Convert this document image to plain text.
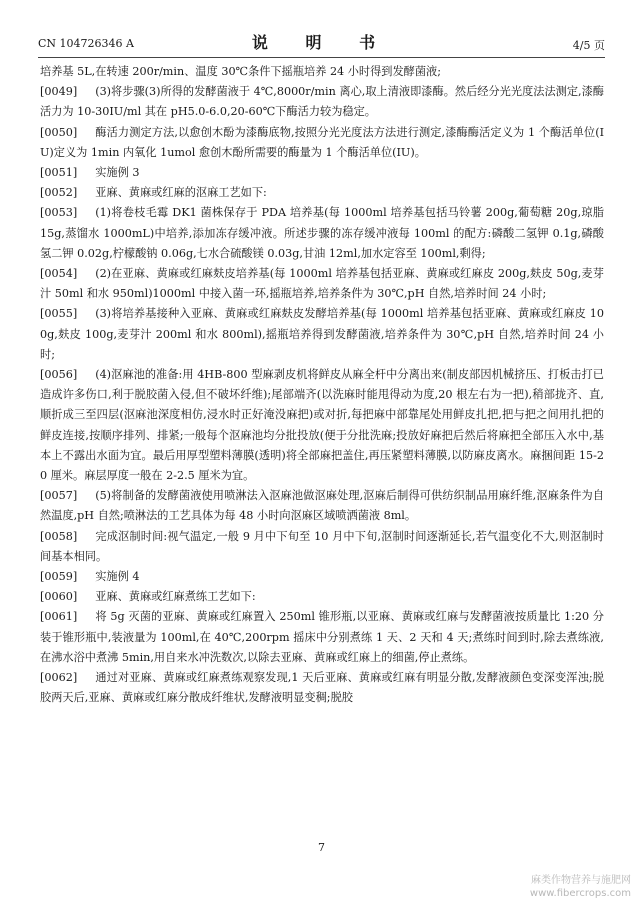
CN 104726346 A	说 明 书	4/5 页

培养基 5L,在转速 200r/min、温度 30℃条件下摇瓶培养 24 小时得到发酵菌液;

[0049] (3)将步骤(3)所得的发酵菌液于 4℃,8000r/min 离心,取上清液即漆酶。然后经分光光度法法测定,漆酶活力为 10-30IU/ml 其在 pH5.0-6.0,20-60℃下酶活力较为稳定。

[0050] 酶活力测定方法,以愈创木酚为漆酶底物,按照分光光度法方法进行测定,漆酶酶活定义为 1 个酶活单位(IU)定义为 1min 内氧化 1umol 愈创木酚所需要的酶量为 1 个酶活单位(IU)。

[0051] 实施例 3

[0052] 亚麻、黄麻或红麻的沤麻工艺如下:

[0053] (1)将卷枝毛霉 DK1 菌株保存于 PDA 培养基(每 1000ml 培养基包括马铃薯 200g,葡萄糖 20g,琼脂 15g,蒸馏水 1000mL)中培养,添加冻存缓冲液。所述步骤的冻存缓冲液每 100ml 的配方:磷酸二氢钾 0.1g,磷酸氢二钾 0.02g,柠檬酸钠 0.06g,七水合硫酸镁 0.03g,甘油 12ml,加水定容至 100ml,剩得;

[0054] (2)在亚麻、黄麻或红麻麸皮培养基(每 1000ml 培养基包括亚麻、黄麻或红麻皮 200g,麸皮 50g,麦芽汁 50ml 和水 950ml)1000ml 中接入菌一环,摇瓶培养,培养条件为 30℃,pH 自然,培养时间 24 小时;

[0055] (3)将培养基接种入亚麻、黄麻或红麻麸皮发酵培养基(每 1000ml 培养基包括亚麻、黄麻或红麻皮 100g,麸皮 100g,麦芽汁 200ml 和水 800ml),摇瓶培养得到发酵菌液,培养条件为 30℃,pH 自然,培养时间 24 小时;

[0056] (4)沤麻池的准备:用 4HB-800 型麻剥皮机将鲜皮从麻全杆中分离出来(制皮部因机械挤压、打板击打已造成许多伤口,利于脱胶菌入侵,但不破坏纤维);尾部端齐(以洗麻时能甩得动为度,20 根左右为一把),稍部拢齐、直,顺折成三至四层(沤麻池深度相仿,浸水时正好淹没麻把)或对折,每把麻中部靠尾处用鲜皮扎把,把与把之间用扎把的鲜皮连接,按顺序排列、排紧;一般每个沤麻池均分批投放(便于分批洗麻;投放好麻把后然后将麻把全部压入水中,基本上不露出水面为宜。最后用厚型塑料薄膜(透明)将全部麻把盖住,再压紧塑料薄膜,以防麻皮离水。麻捆间距 15-20 厘米。麻层厚度一般在 2-2.5 厘米为宜。

[0057] (5)将制备的发酵菌液使用喷淋法入沤麻池做沤麻处理,沤麻后制得可供纺织制品用麻纤维,沤麻条件为自然温度,pH 自然;喷淋法的工艺具体为每 48 小时向沤麻区域喷洒菌液 8ml。

[0058] 完成沤制时间:视气温定,一般 9 月中下旬至 10 月中下旬,沤制时间逐渐延长,若气温变化不大,则沤制时间基本相同。

[0059] 实施例 4

[0060] 亚麻、黄麻或红麻煮练工艺如下:

[0061] 将 5g 灭菌的亚麻、黄麻或红麻置入 250ml 锥形瓶,以亚麻、黄麻或红麻与发酵菌液按质量比 1:20 分装于锥形瓶中,装液量为 100ml,在 40℃,200rpm 摇床中分别煮练 1 天、2 天和 4 天;煮练时间到时,除去煮练液,在沸水浴中煮沸 5min,用自来水冲洗数次,以除去亚麻、黄麻或红麻上的细菌,停止煮练。

[0062] 通过对亚麻、黄麻或红麻煮练观察发现,1 天后亚麻、黄麻或红麻有明显分散,发酵液颜色变深变浑浊;脱胶两天后,亚麻、黄麻或红麻分散成纤维状,发酵液明显变稠;脱胶

7
麻类作物营养与施肥网
www.fibercrops.com
